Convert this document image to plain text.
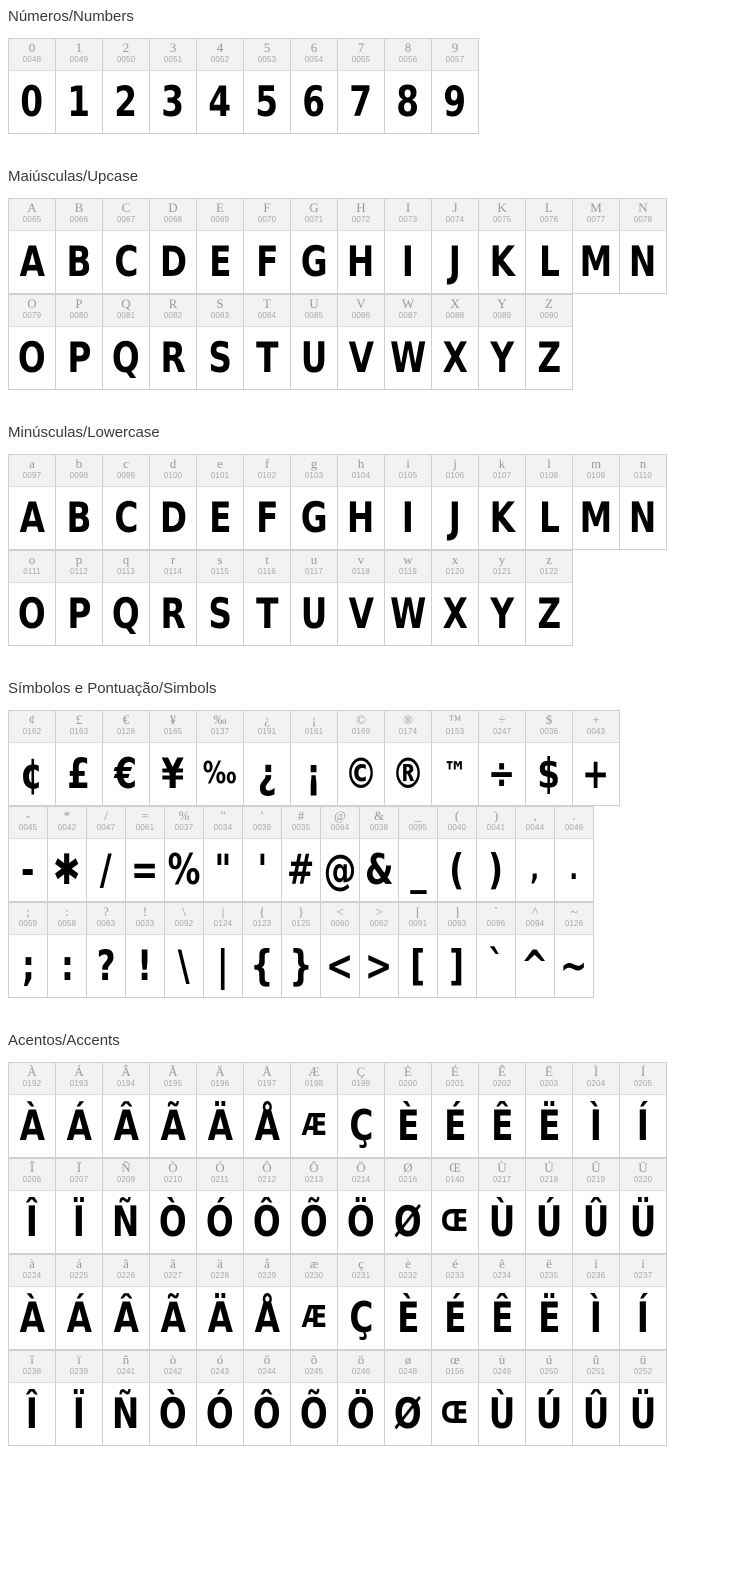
Números/Numbers
0
0048
0
1
0049
1
2
0050
2
3
0051
3
4
0052
4
5
0053
5
6
0054
6
7
0055
7
8
0056
8
9
0057
9
Maiúsculas/Upcase
A
0065
A
B
0066
B
C
0067
C
D
0068
D
E
0069
E
F
0070
F
G
0071
G
H
0072
H
I
0073
I
J
0074
J
K
0075
K
L
0076
L
M
0077
M
N
0078
N
O
0079
O
P
0080
P
Q
0081
Q
R
0082
R
S
0083
S
T
0084
T
U
0085
U
V
0086
V
W
0087
W
X
0088
X
Y
0089
Y
Z
0090
Z
Minúsculas/Lowercase
a
0097
A
b
0098
B
c
0099
C
d
0100
D
e
0101
E
f
0102
F
g
0103
G
h
0104
H
i
0105
I
j
0106
J
k
0107
K
l
0108
L
m
0109
M
n
0110
N
o
0111
O
p
0112
P
q
0113
Q
r
0114
R
s
0115
S
t
0116
T
u
0117
U
v
0118
V
w
0119
W
x
0120
X
y
0121
Y
z
0122
Z
Símbolos e Pontuação/Simbols
¢
0162
¢
£
0163
£
€
0128
€
¥
0165
¥
‰
0137
‰
¿
0191
¿
¡
0161
¡
©
0169
©
®
0174
®
™
0153
™
÷
0247
÷
$
0036
$
+
0043
+
-
0045
-
*
0042
✱
/
0047
/
=
0061
=
%
0037
%
"
0034
"
'
0039
'
#
0035
#
@
0064
@
&
0038
&
_
0095
_
(
0040
(
)
0041
)
,
0044
,
.
0046
.
;
0059
;
:
0058
:
?
0063
?
!
0033
!
\
0092
\
|
0124
|
{
0123
{
}
0125
}
<
0060
<
>
0062
>
[
0091
[
]
0093
]
`
0096
`
^
0094
^
~
0126
~
Acentos/Accents
À
0192
À
Á
0193
Á
Â
0194
Â
Ã
0195
Ã
Ä
0196
Ä
Å
0197
Å
Æ
0198
Æ
Ç
0199
Ç
È
0200
È
É
0201
É
Ê
0202
Ê
Ë
0203
Ë
Ì
0204
Ì
Í
0205
Í
Î
0206
Î
Ï
0207
Ï
Ñ
0209
Ñ
Ò
0210
Ò
Ó
0211
Ó
Ô
0212
Ô
Õ
0213
Õ
Ö
0214
Ö
Ø
0216
Ø
Œ
0140
Œ
Ù
0217
Ù
Ú
0218
Ú
Û
0219
Û
Ü
0220
Ü
à
0224
À
á
0225
Á
â
0226
Â
ã
0227
Ã
ä
0228
Ä
å
0229
Å
æ
0230
Æ
ç
0231
Ç
è
0232
È
é
0233
É
ê
0234
Ê
ë
0235
Ë
ì
0236
Ì
í
0237
Í
î
0238
Î
ï
0239
Ï
ñ
0241
Ñ
ò
0242
Ò
ó
0243
Ó
ô
0244
Ô
õ
0245
Õ
ö
0246
Ö
ø
0248
Ø
œ
0156
Œ
ù
0249
Ù
ú
0250
Ú
û
0251
Û
ü
0252
Ü
